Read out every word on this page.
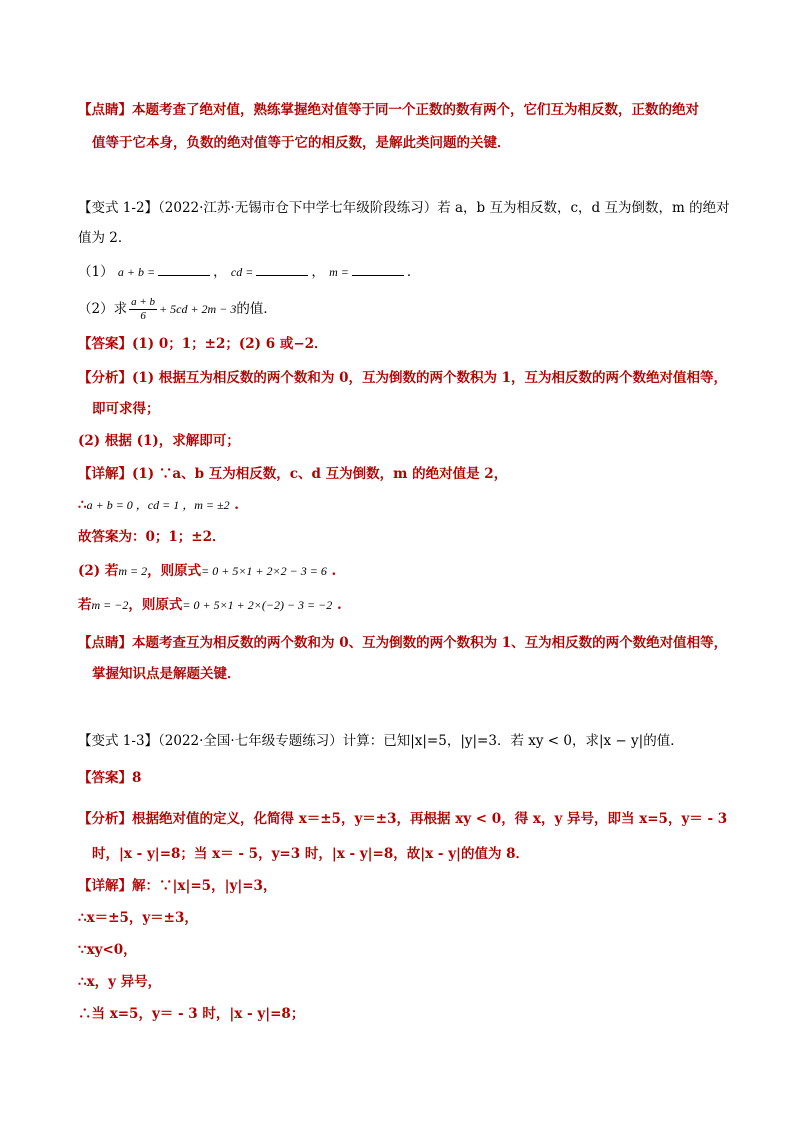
【点睛】本题考查了绝对值，熟练掌握绝对值等于同一个正数的数有两个，它们互为相反数，正数的绝对
值等于它本身，负数的绝对值等于它的相反数，是解此类问题的关键．
【变式 1-2】（2022·江苏·无锡市仓下中学七年级阶段练习）若 a，b 互为相反数，c，d 互为倒数，m 的绝对
值为 2．
（1） a + b =	， cd =	， m =	．
（2）求 $\frac{a + b}{6} + 5cd + 2m - 3$的值．
【答案】(1) 0；1；±2；(2) 6 或−2．
【分析】(1) 根据互为相反数的两个数和为 0，互为倒数的两个数积为 1，互为相反数的两个数绝对值相等，
即可求得；
(2) 根据 (1)，求解即可；
【详解】(1) ∵a、b 互为相反数，c、d 互为倒数，m 的绝对值是 2，
∴a + b = 0 ，cd = 1 ，m = ±2 .
故答案为：0；1；±2．
(2) 若m = 2，则原式= 0 + 5×1 + 2×2 − 3 = 6 .
若m = −2，则原式= 0 + 5×1 + 2×(−2) − 3 = −2 .
【点睛】本题考查互为相反数的两个数和为 0、互为倒数的两个数积为 1、互为相反数的两个数绝对值相等，
掌握知识点是解题关键．
【变式 1-3】（2022·全国·七年级专题练习）计算：已知|x|=5，|y|=3．若 xy < 0，求|x − y|的值．
【答案】8
【分析】根据绝对值的定义，化简得 x＝±5，y＝±3，再根据 xy < 0，得 x，y 异号，即当 x=5，y＝ - 3
时，|x - y|=8；当 x＝ - 5，y=3 时，|x - y|=8，故|x - y|的值为 8．
【详解】解：∵|x|=5，|y|=3，
∴x＝±5，y＝±3，
∵xy<0，
∴x，y 异号，
∴当 x=5，y＝ - 3 时，|x - y|=8；
